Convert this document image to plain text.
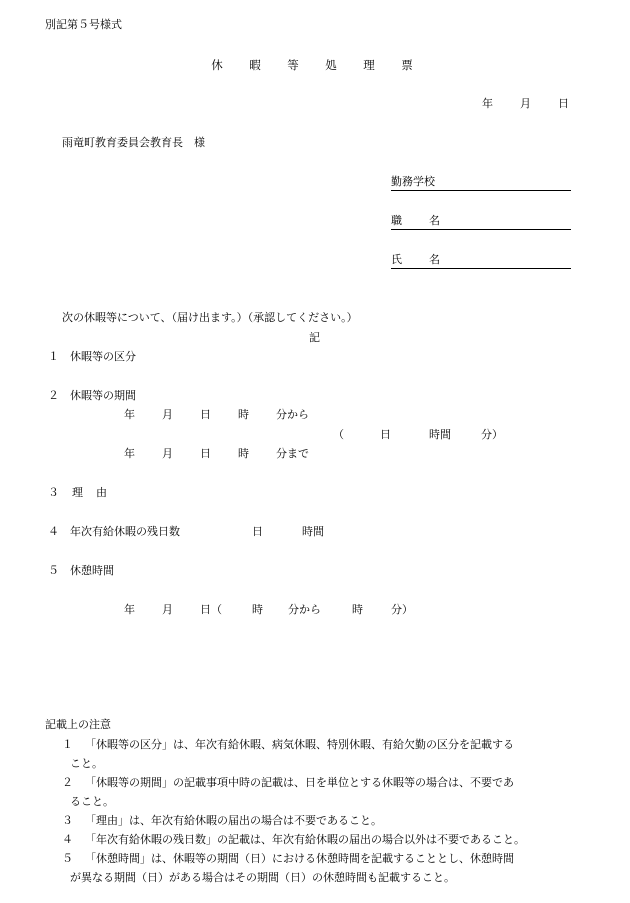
別記第５号様式
休 暇 等 処 理 票
年 月 日
雨竜町教育委員会教育長　様
勤務学校
職 名
氏 名
次の休暇等について、（届け出ます。）（承認してください。）
記
１　休暇等の区分
２　休暇等の期間
年 月 日 時 分から
（	日	時間	分）
年 月 日 時 分まで
３ 理 由
４　年次有給休暇の残日数	日	時間
５　休憩時間
年 月 日（	時 分から	時	分）
記載上の注意
１ 「休暇等の区分」は、年次有給休暇、病気休暇、特別休暇、有給欠勤の区分を記載する
こと。
２ 「休暇等の期間」の記載事項中時の記載は、日を単位とする休暇等の場合は、不要であ
ること。
３ 「理由」は、年次有給休暇の届出の場合は不要であること。
４ 「年次有給休暇の残日数」の記載は、年次有給休暇の届出の場合以外は不要であること。
５ 「休憩時間」は、休暇等の期間（日）における休憩時間を記載することとし、休憩時間
が異なる期間（日）がある場合はその期間（日）の休憩時間も記載すること。
